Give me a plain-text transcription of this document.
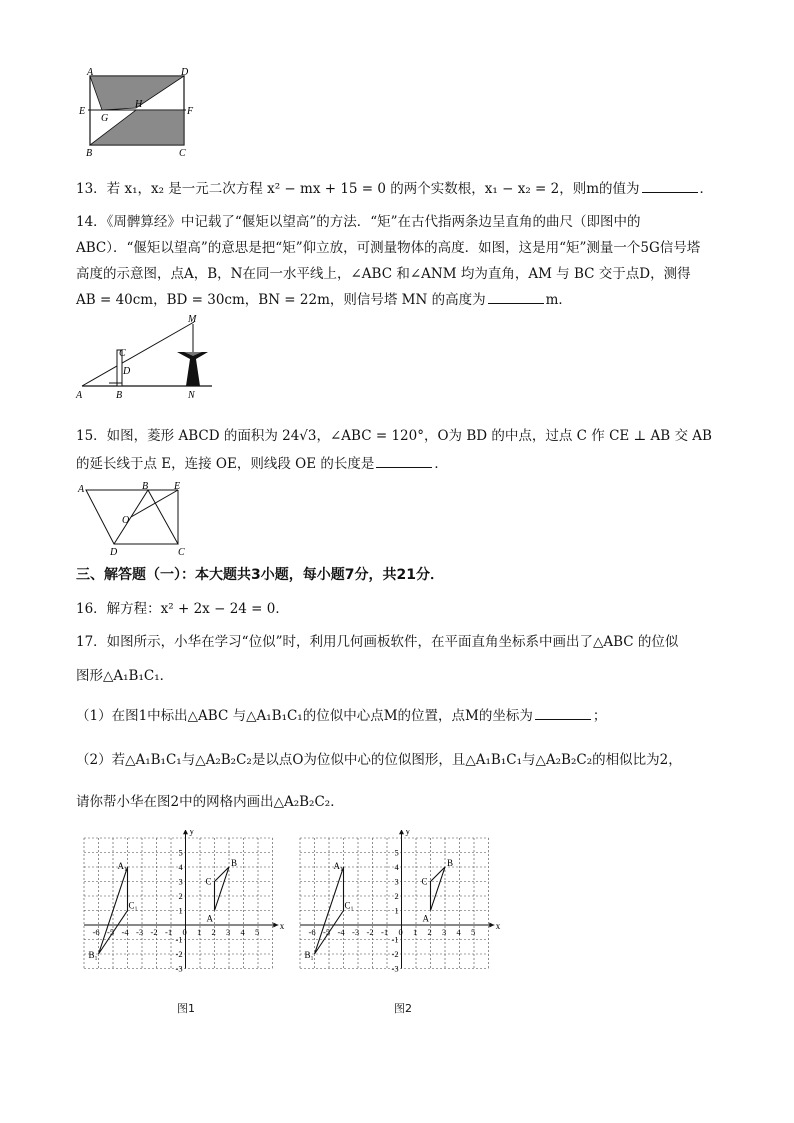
A	D
E
H
F
G
B	C
13．若 x₁，x₂ 是一元二次方程 x² − mx + 15 = 0 的两个实数根，x₁ − x₂ = 2，则m的值为	．
14．《周髀算经》中记载了“偃矩以望高”的方法．“矩”在古代指两条边呈直角的曲尺（即图中的
ABC）．“偃矩以望高”的意思是把“矩”仰立放，可测量物体的高度．如图，这是用“矩”测量一个5G信号塔
高度的示意图，点A，B，N在同一水平线上，∠ABC 和∠ANM 均为直角，AM 与 BC 交于点D，测得
AB = 40cm，BD = 30cm，BN = 22m，则信号塔 MN 的高度为	m．
M
C
D
A	B	N
15．如图，菱形 ABCD 的面积为 24√3，∠ABC = 120°，O为 BD 的中点，过点 C 作 CE ⊥ AB 交 AB
的延长线于点 E，连接 OE，则线段 OE 的长度是	．
A	B	E
O
D	C
三、解答题（一）：本大题共3小题，每小题7分，共21分．
16．解方程：x² + 2x − 24 = 0．
17．如图所示，小华在学习“位似”时，利用几何画板软件，在平面直角坐标系中画出了△ABC 的位似
图形△A₁B₁C₁．
（1）在图1中标出△ABC 与△A₁B₁C₁的位似中心点M的位置，点M的坐标为	；
（2）若△A₁B₁C₁与△A₂B₂C₂是以点O为位似中心的位似图形，且△A₁B₁C₁与△A₂B₂C₂的相似比为2，
请你帮小华在图2中的网格内画出△A₂B₂C₂．
x
y
-6 -5 -4 -3 -2 -1 0 1 2 3 4 5
5
4
3
2
1
-1
-2
-3
A₁
B₁
C₁
A
B
C
x
y
-6 -5 -4 -3 -2 -1 0 1 2 3 4 5
5
4
3
2
1
-1
-2
-3
A₁
B₁
C₁
A
B
C
图1	图2
